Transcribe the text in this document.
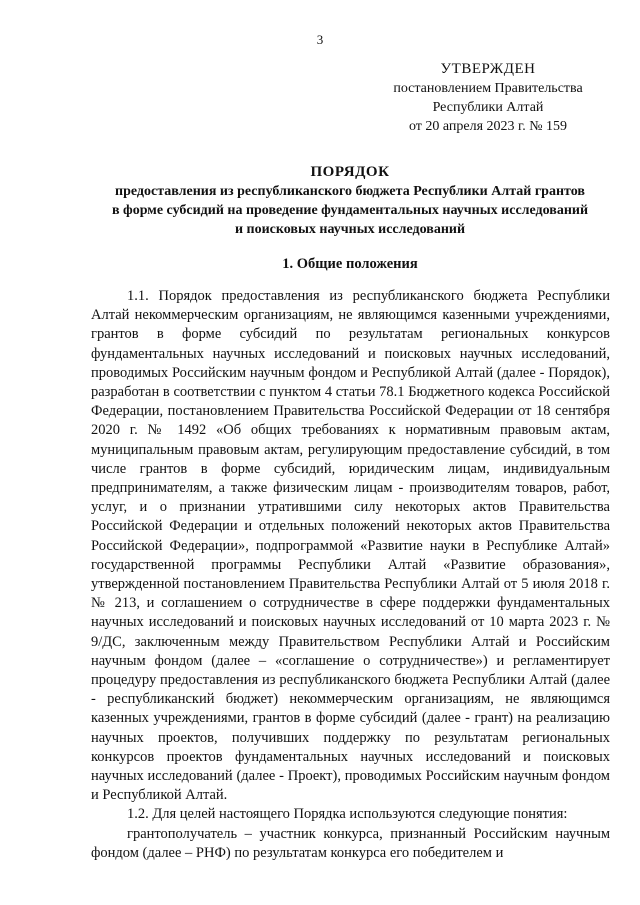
3
УТВЕРЖДЕН
постановлением Правительства
Республики Алтай
от 20 апреля 2023 г. № 159
ПОРЯДОК
предоставления из республиканского бюджета Республики Алтай грантов
в форме субсидий на проведение фундаментальных научных исследований
и поисковых научных исследований
1. Общие положения

1.1. Порядок предоставления из республиканского бюджета Республики Алтай некоммерческим организациям, не являющимся казенными учреждениями, грантов в форме субсидий по результатам региональных конкурсов фундаментальных научных исследований и поисковых научных исследований, проводимых Российским научным фондом и Республикой Алтай (далее - Порядок), разработан в соответствии с пунктом 4 статьи 78.1 Бюджетного кодекса Российской Федерации, постановлением Правительства Российской Федерации от 18 сентября 2020 г. № 1492 «Об общих требованиях к нормативным правовым актам, муниципальным правовым актам, регулирующим предоставление субсидий, в том числе грантов в форме субсидий, юридическим лицам, индивидуальным предпринимателям, а также физическим лицам - производителям товаров, работ, услуг, и о признании утратившими силу некоторых актов Правительства Российской Федерации и отдельных положений некоторых актов Правительства Российской Федерации», подпрограммой «Развитие науки в Республике Алтай» государственной программы Республики Алтай «Развитие образования», утвержденной постановлением Правительства Республики Алтай от 5 июля 2018 г. № 213, и соглашением о сотрудничестве в сфере поддержки фундаментальных научных исследований и поисковых научных исследований от 10 марта 2023 г. № 9/ДС, заключенным между Правительством Республики Алтай и Российским научным фондом (далее – «соглашение о сотрудничестве») и регламентирует процедуру предоставления из республиканского бюджета Республики Алтай (далее - республиканский бюджет) некоммерческим организациям, не являющимся казенных учреждениями, грантов в форме субсидий (далее - грант) на реализацию научных проектов, получивших поддержку по результатам региональных конкурсов проектов фундаментальных научных исследований и поисковых научных исследований (далее - Проект), проводимых Российским научным фондом и Республикой Алтай.

1.2. Для целей настоящего Порядка используются следующие понятия:

грантополучатель – участник конкурса, признанный Российским научным фондом (далее – РНФ) по результатам конкурса его победителем и
